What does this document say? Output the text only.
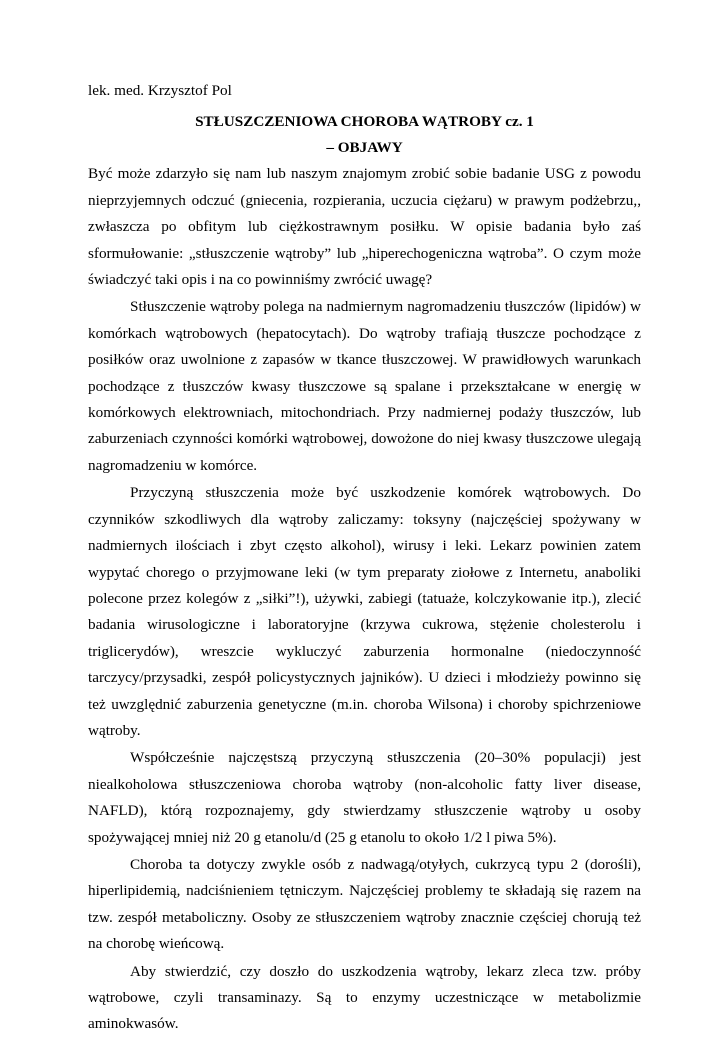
lek. med. Krzysztof Pol

STŁUSZCZENIOWA CHOROBA WĄTROBY cz. 1

– OBJAWY

Być może zdarzyło się nam lub naszym znajomym zrobić sobie badanie USG z powodu nieprzyjemnych odczuć (gniecenia, rozpierania, uczucia ciężaru) w prawym podżebrzu,, zwłaszcza po obfitym lub ciężkostrawnym posiłku. W opisie badania było zaś sformułowanie: „stłuszczenie wątroby” lub „hiperechogeniczna wątroba”. O czym może świadczyć taki opis i na co powinniśmy zwrócić uwagę?

Stłuszczenie wątroby polega na nadmiernym nagromadzeniu tłuszczów (lipidów) w komórkach wątrobowych (hepatocytach). Do wątroby trafiają tłuszcze pochodzące z posiłków oraz uwolnione z zapasów w tkance tłuszczowej. W prawidłowych warunkach pochodzące z tłuszczów kwasy tłuszczowe są spalane i przekształcane w energię w komórkowych elektrowniach, mitochondriach. Przy nadmiernej podaży tłuszczów, lub zaburzeniach czynności komórki wątrobowej, dowożone do niej kwasy tłuszczowe ulegają nagromadzeniu w komórce.

Przyczyną stłuszczenia może być uszkodzenie komórek wątrobowych. Do czynników szkodliwych dla wątroby zaliczamy: toksyny (najczęściej spożywany w nadmiernych ilościach i zbyt często alkohol), wirusy i leki. Lekarz powinien zatem wypytać chorego o przyjmowane leki (w tym preparaty ziołowe z Internetu, anaboliki polecone przez kolegów z „siłki”!), używki, zabiegi (tatuaże, kolczykowanie itp.), zlecić badania wirusologiczne i laboratoryjne (krzywa cukrowa, stężenie cholesterolu i triglicerydów), wreszcie wykluczyć zaburzenia hormonalne (niedoczynność tarczycy/przysadki, zespół policystycznych jajników). U dzieci i młodzieży powinno się też uwzględnić zaburzenia genetyczne (m.in. choroba Wilsona) i choroby spichrzeniowe wątroby.

Współcześnie najczęstszą przyczyną stłuszczenia (20–30% populacji) jest niealkoholowa stłuszczeniowa choroba wątroby (non-alcoholic fatty liver disease, NAFLD), którą rozpoznajemy, gdy stwierdzamy stłuszczenie wątroby u osoby spożywającej mniej niż 20 g etanolu/d (25 g etanolu to około 1/2 l piwa 5%).

Choroba ta dotyczy zwykle osób z nadwagą/otyłych, cukrzycą typu 2 (dorośli), hiperlipidemią, nadciśnieniem tętniczym. Najczęściej problemy te składają się razem na tzw. zespół metaboliczny. Osoby ze stłuszczeniem wątroby znacznie częściej chorują też na chorobę wieńcową.

Aby stwierdzić, czy doszło do uszkodzenia wątroby, lekarz zleca tzw. próby wątrobowe, czyli transaminazy. Są to enzymy uczestniczące w metabolizmie aminokwasów.
